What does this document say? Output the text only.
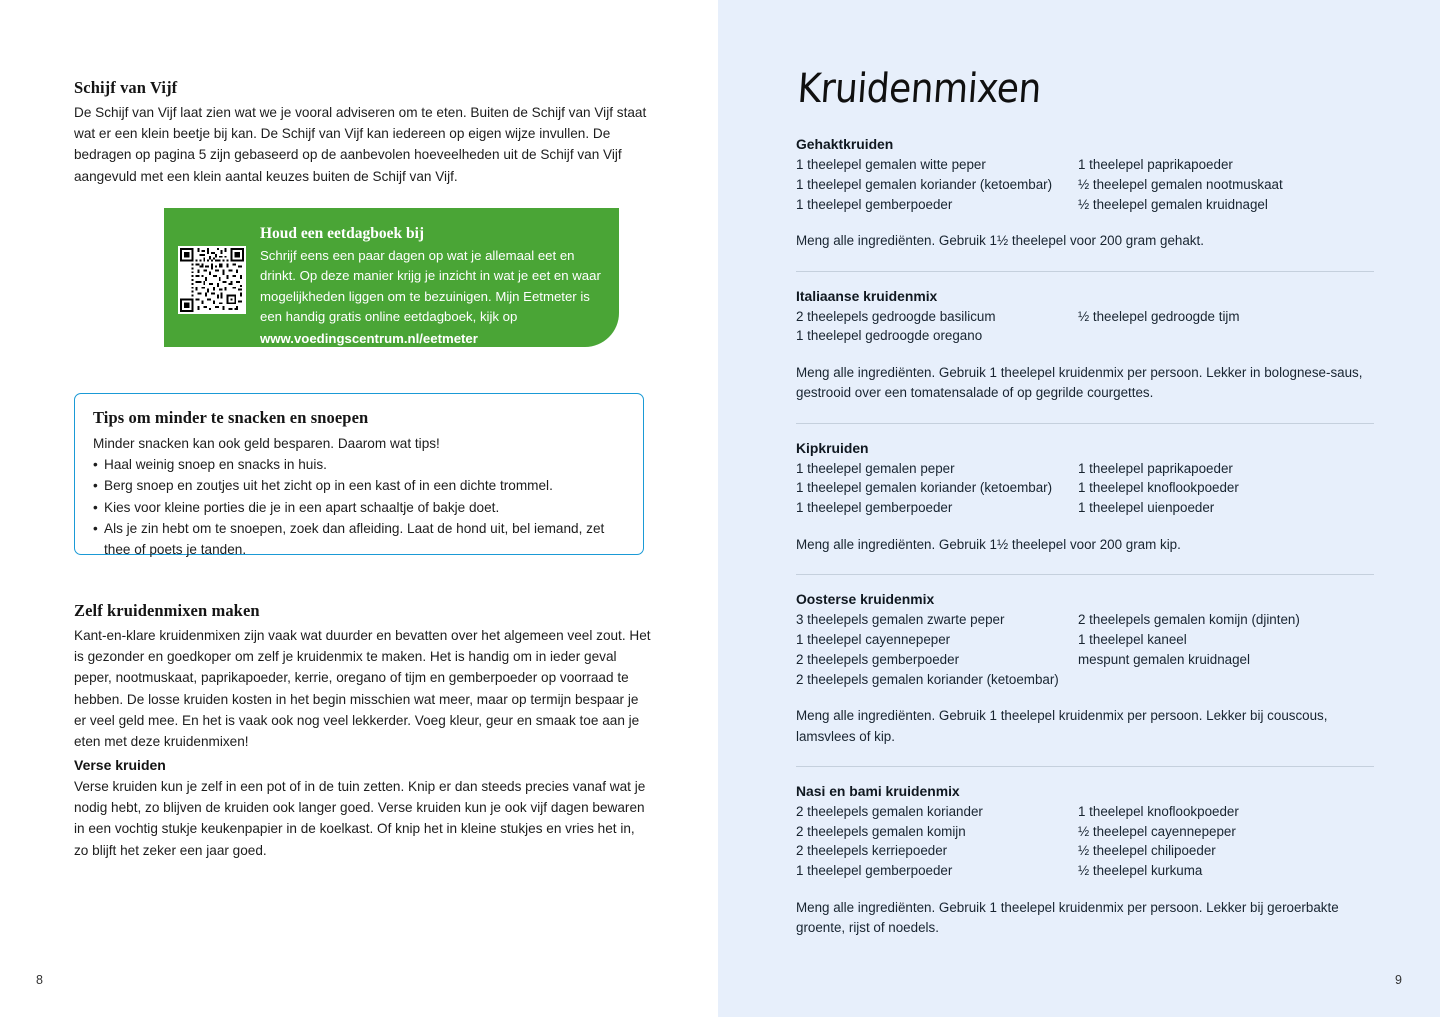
Schijf van Vijf

De Schijf van Vijf laat zien wat we je vooral adviseren om te eten. Buiten de Schijf van Vijf staat wat er een klein beetje bij kan. De Schijf van Vijf kan iedereen op eigen wijze invullen. De bedragen op pagina 5 zijn gebaseerd op de aanbevolen hoeveelheden uit de Schijf van Vijf aangevuld met een klein aantal keuzes buiten de Schijf van Vijf.

Houd een eetdagboek bij

Schrijf eens een paar dagen op wat je allemaal eet en drinkt. Op deze manier krijg je inzicht in wat je eet en waar mogelijkheden liggen om te bezuinigen. Mijn Eetmeter is een handig gratis online eetdagboek, kijk op

www.voedingscentrum.nl/eetmeter
Tips om minder te snacken en snoepen

Minder snacken kan ook geld besparen. Daarom wat tips!

• Haal weinig snoep en snacks in huis.
• Berg snoep en zoutjes uit het zicht op in een kast of in een dichte trommel.
• Kies voor kleine porties die je in een apart schaaltje of bakje doet.
• Als je zin hebt om te snoepen, zoek dan afleiding. Laat de hond uit, bel iemand, zet thee of poets je tanden.
Zelf kruidenmixen maken

Kant-en-klare kruidenmixen zijn vaak wat duurder en bevatten over het algemeen veel zout. Het is gezonder en goedkoper om zelf je kruidenmix te maken. Het is handig om in ieder geval peper, nootmuskaat, paprikapoeder, kerrie, oregano of tijm en gemberpoeder op voorraad te hebben. De losse kruiden kosten in het begin misschien wat meer, maar op termijn bespaar je er veel geld mee. En het is vaak ook nog veel lekkerder. Voeg kleur, geur en smaak toe aan je eten met deze kruidenmixen!

Verse kruiden

Verse kruiden kun je zelf in een pot of in de tuin zetten. Knip er dan steeds precies vanaf wat je nodig hebt, zo blijven de kruiden ook langer goed. Verse kruiden kun je ook vijf dagen bewaren in een vochtig stukje keukenpapier in de koelkast. Of knip het in kleine stukjes en vries het in, zo blijft het zeker een jaar goed.

8
Kruidenmixen
Gehaktkruiden
1 theelepel gemalen witte peper
1 theelepel gemalen koriander (ketoembar)
1 theelepel gemberpoeder
1 theelepel paprikapoeder
½ theelepel gemalen nootmuskaat
½ theelepel gemalen kruidnagel

Meng alle ingrediënten. Gebruik 1½ theelepel voor 200 gram gehakt.

Italiaanse kruidenmix
2 theelepels gedroogde basilicum
1 theelepel gedroogde oregano
½ theelepel gedroogde tijm

Meng alle ingrediënten. Gebruik 1 theelepel kruidenmix per persoon. Lekker in bolognese-saus, gestrooid over een tomatensalade of op gegrilde courgettes.

Kipkruiden
1 theelepel gemalen peper
1 theelepel gemalen koriander (ketoembar)
1 theelepel gemberpoeder
1 theelepel paprikapoeder
1 theelepel knoflookpoeder
1 theelepel uienpoeder

Meng alle ingrediënten. Gebruik 1½ theelepel voor 200 gram kip.

Oosterse kruidenmix
3 theelepels gemalen zwarte peper
1 theelepel cayennepeper
2 theelepels gemberpoeder
2 theelepels gemalen koriander (ketoembar)
2 theelepels gemalen komijn (djinten)
1 theelepel kaneel
mespunt gemalen kruidnagel

Meng alle ingrediënten. Gebruik 1 theelepel kruidenmix per persoon. Lekker bij couscous, lamsvlees of kip.

Nasi en bami kruidenmix
2 theelepels gemalen koriander
2 theelepels gemalen komijn
2 theelepels kerriepoeder
1 theelepel gemberpoeder
1 theelepel knoflookpoeder
½ theelepel cayennepeper
½ theelepel chilipoeder
½ theelepel kurkuma

Meng alle ingrediënten. Gebruik 1 theelepel kruidenmix per persoon. Lekker bij geroerbakte groente, rijst of noedels.

9
